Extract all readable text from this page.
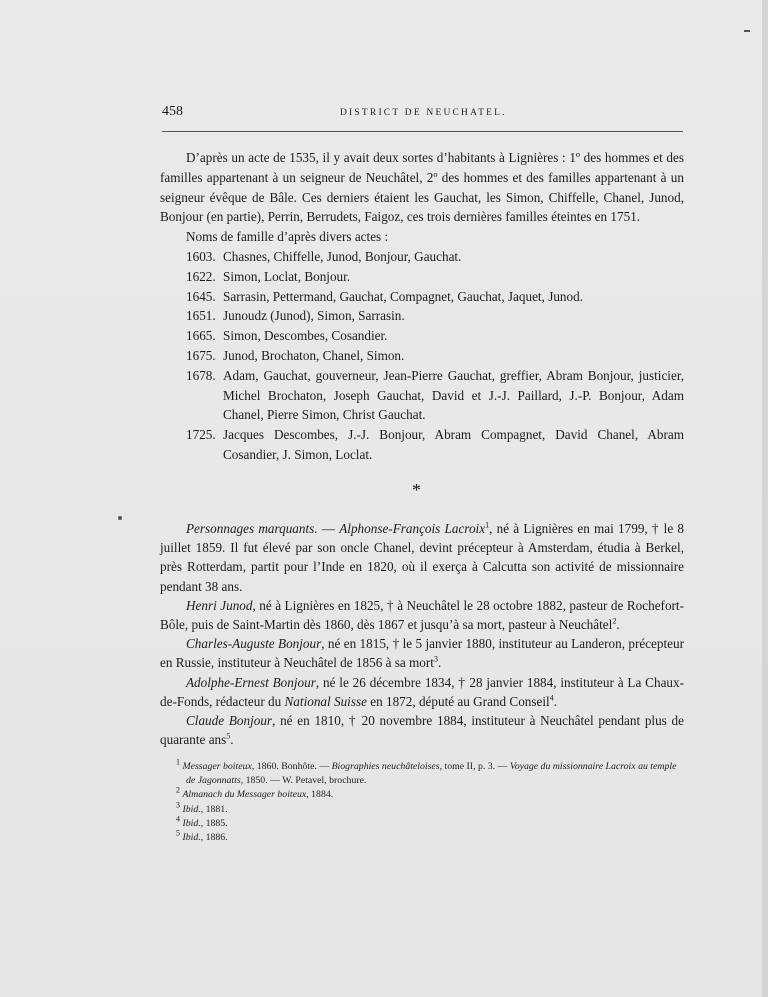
458	DISTRICT DE NEUCHATEL.

D’après un acte de 1535, il y avait deux sortes d’habitants à Lignières : 1º des hommes et des familles appartenant à un seigneur de Neuchâtel, 2º des hommes et des familles appartenant à un seigneur évêque de Bâle. Ces derniers étaient les Gauchat, les Simon, Chiffelle, Chanel, Junod, Bonjour (en partie), Perrin, Berrudets, Faigoz, ces trois dernières familles éteintes en 1751.

Noms de famille d’après divers actes :

1603. Chasnes, Chiffelle, Junod, Bonjour, Gauchat.
1622. Simon, Loclat, Bonjour.
1645. Sarrasin, Pettermand, Gauchat, Compagnet, Gauchat, Jaquet, Junod.
1651. Junoudz (Junod), Simon, Sarrasin.
1665. Simon, Descombes, Cosandier.
1675. Junod, Brochaton, Chanel, Simon.
1678. Adam, Gauchat, gouverneur, Jean-Pierre Gauchat, greffier, Abram Bonjour, justicier, Michel Brochaton, Joseph Gauchat, David et J.-J. Paillard, J.-P. Bonjour, Adam Chanel, Pierre Simon, Christ Gauchat.
1725. Jacques Descombes, J.-J. Bonjour, Abram Compagnet, David Chanel, Abram Cosandier, J. Simon, Loclat.
*

Personnages marquants. — Alphonse-François Lacroix$^1$, né à Lignières en mai 1799, † le 8 juillet 1859. Il fut élevé par son oncle Chanel, devint précepteur à Amsterdam, étudia à Berkel, près Rotterdam, partit pour l’Inde en 1820, où il exerça à Calcutta son activité de missionnaire pendant 38 ans.

Henri Junod, né à Lignières en 1825, † à Neuchâtel le 28 octobre 1882, pasteur de Rochefort-Bôle, puis de Saint-Martin dès 1860, dès 1867 et jusqu’à sa mort, pasteur à Neuchâtel$^2$.

Charles-Auguste Bonjour, né en 1815, † le 5 janvier 1880, instituteur au Landeron, précepteur en Russie, instituteur à Neuchâtel de 1856 à sa mort$^3$.

Adolphe-Ernest Bonjour, né le 26 décembre 1834, † 28 janvier 1884, instituteur à La Chaux-de-Fonds, rédacteur du National Suisse en 1872, député au Grand Conseil$^4$.

Claude Bonjour, né en 1810, † 20 novembre 1884, instituteur à Neuchâtel pendant plus de quarante ans$^5$.

$^1$ Messager boiteux, 1860. Bonhôte. — Biographies neuchâteloises, tome II, p. 3. — Voyage du missionnaire Lacroix au temple de Jagonnatts, 1850. — W. Petavel, brochure.

$^2$ Almanach du Messager boiteux, 1884.

$^3$ Ibid., 1881.

$^4$ Ibid., 1885.

$^5$ Ibid., 1886.
